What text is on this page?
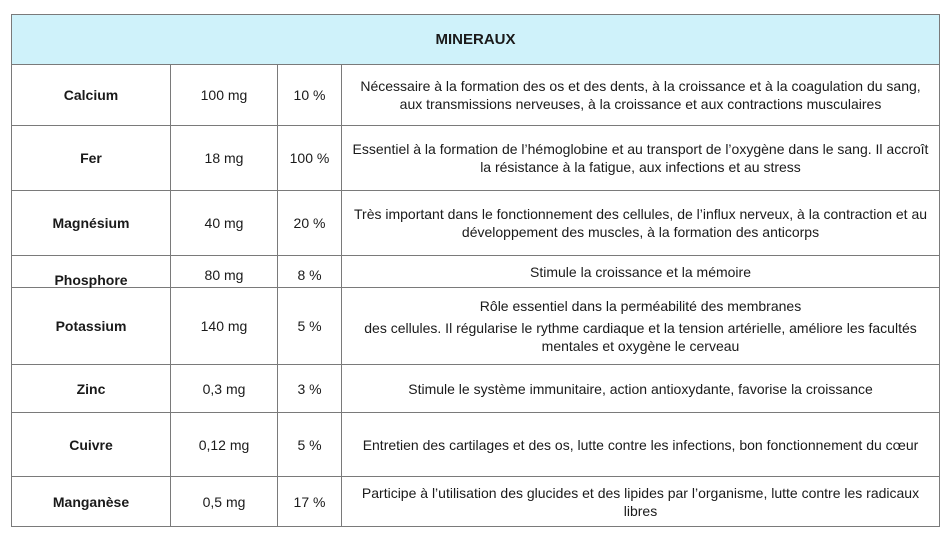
MINERAUX			
Calcium	100 mg	10 %	Nécessaire à la formation des os et des dents, à la croissance et à la coagulation du sang, aux transmissions nerveuses, à la croissance et aux contractions musculaires
Fer	18 mg	100 %	Essentiel à la formation de l’hémoglobine et au transport de l’oxygène dans le sang. Il accroît la résistance à la fatigue, aux infections et au stress
Magnésium	40 mg	20 %	Très important dans le fonctionnement des cellules, de l’influx nerveux, à la contraction et au développement des muscles, à la formation des anticorps
Phosphore	80 mg	8 %	Stimule la croissance et la mémoire
Potassium	140 mg	5 %	Rôle essentiel dans la perméabilité des membranes
des cellules. Il régularise le rythme cardiaque et la tension artérielle, améliore les facultés mentales et oxygène le cerveau
Zinc	0,3 mg	3 %	Stimule le système immunitaire, action antioxydante, favorise la croissance
Cuivre	0,12 mg	5 %	Entretien des cartilages et des os, lutte contre les infections, bon fonctionnement du cœur
Manganèse	0,5 mg	17 %	Participe à l’utilisation des glucides et des lipides par l’organisme, lutte contre les radicaux libres
